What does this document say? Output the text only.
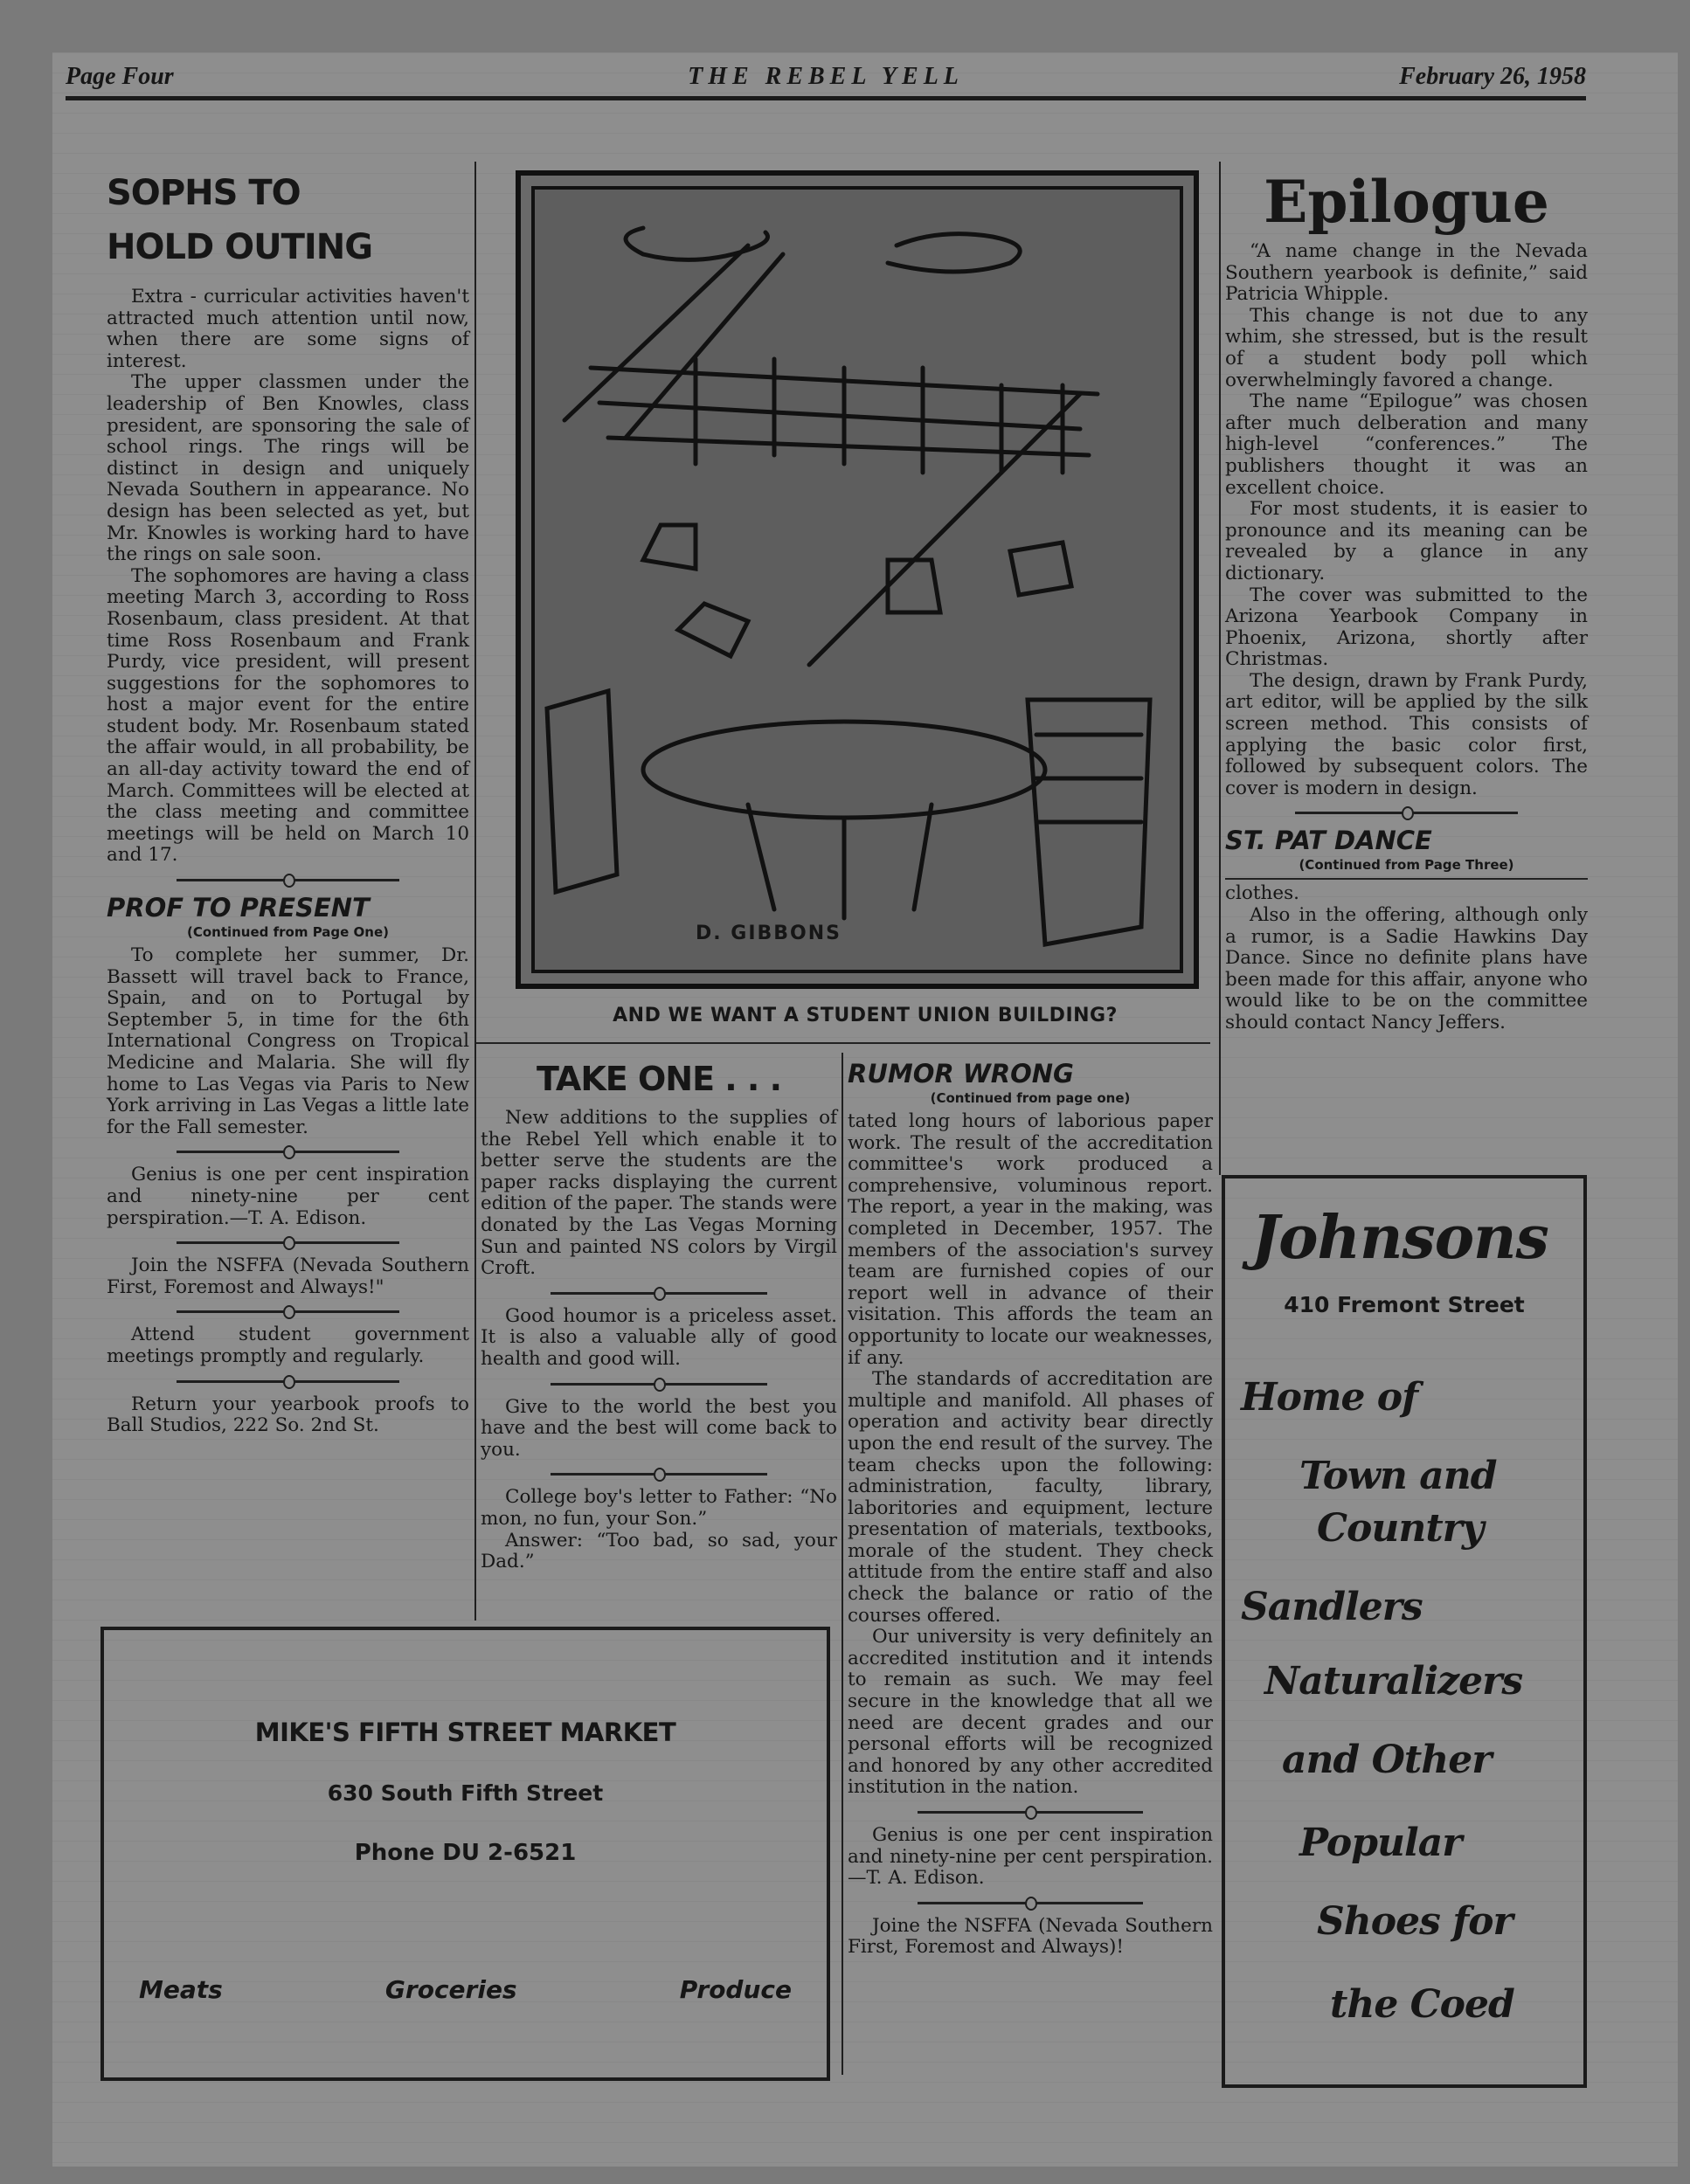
Page Four	THE REBEL YELL	February 26, 1958
SOPHS TO
HOLD OUTING

Extra - curricular activities haven't attracted much attention until now, when there are some signs of interest.

The upper classmen under the leadership of Ben Knowles, class president, are sponsoring the sale of school rings. The rings will be distinct in design and uniquely Nevada Southern in appearance. No design has been selected as yet, but Mr. Knowles is working hard to have the rings on sale soon.

The sophomores are having a class meeting March 3, according to Ross Rosenbaum, class president. At that time Ross Rosenbaum and Frank Purdy, vice president, will present suggestions for the sophomores to host a major event for the entire student body. Mr. Rosenbaum stated the affair would, in all probability, be an all-day activity toward the end of March. Committees will be elected at the class meeting and committee meetings will be held on March 10 and 17.

PROF TO PRESENT
(Continued from Page One)

To complete her summer, Dr. Bassett will travel back to France, Spain, and on to Portugal by September 5, in time for the 6th International Congress on Tropical Medicine and Malaria. She will fly home to Las Vegas via Paris to New York arriving in Las Vegas a little late for the Fall semester.

Genius is one per cent inspiration and ninety-nine per cent perspiration.—T. A. Edison.

Join the NSFFA (Nevada Southern First, Foremost and Always!"

Attend student government meetings promptly and regularly.

Return your yearbook proofs to Ball Studios, 222 So. 2nd St.

D. GIBBONS
AND WE WANT A STUDENT UNION BUILDING?
TAKE ONE . . .

New additions to the supplies of the Rebel Yell which enable it to better serve the students are the paper racks displaying the current edition of the paper. The stands were donated by the Las Vegas Morning Sun and painted NS colors by Virgil Croft.

Good houmor is a priceless asset. It is also a valuable ally of good health and good will.

Give to the world the best you have and the best will come back to you.

College boy's letter to Father: “No mon, no fun, your Son.”

Answer: “Too bad, so sad, your Dad.”

RUMOR WRONG
(Continued from page one)

tated long hours of laborious paper work. The result of the accreditation committee's work produced a comprehensive, voluminous report. The report, a year in the making, was completed in December, 1957. The members of the association's survey team are furnished copies of our report well in advance of their visitation. This affords the team an opportunity to locate our weaknesses, if any.

The standards of accreditation are multiple and manifold. All phases of operation and activity bear directly upon the end result of the survey. The team checks upon the following: administration, faculty, library, laboritories and equipment, lecture presentation of materials, textbooks, morale of the student. They check attitude from the entire staff and also check the balance or ratio of the courses offered.

Our university is very definitely an accredited institution and it intends to remain as such. We may feel secure in the knowledge that all we need are decent grades and our personal efforts will be recognized and honored by any other accredited institution in the nation.

Genius is one per cent inspiration and ninety-nine per cent perspiration.—T. A. Edison.

Joine the NSFFA (Nevada Southern First, Foremost and Always)!

Epilogue

“A name change in the Nevada Southern yearbook is definite,” said Patricia Whipple.

This change is not due to any whim, she stressed, but is the result of a student body poll which overwhelmingly favored a change.

The name “Epilogue” was chosen after much delberation and many high-level “conferences.” The publishers thought it was an excellent choice.

For most students, it is easier to pronounce and its meaning can be revealed by a glance in any dictionary.

The cover was submitted to the Arizona Yearbook Company in Phoenix, Arizona, shortly after Christmas.

The design, drawn by Frank Purdy, art editor, will be applied by the silk screen method. This consists of applying the basic color first, followed by subsequent colors. The cover is modern in design.

ST. PAT DANCE
(Continued from Page Three)

clothes.

Also in the offering, although only a rumor, is a Sadie Hawkins Day Dance. Since no definite plans have been made for this affair, anyone who would like to be on the committee should contact Nancy Jeffers.

MIKE'S FIFTH STREET MARKET
630 South Fifth Street
Phone DU 2-6521
Meats	Groceries	Produce
Johnsons
410 Fremont Street
Home of
Town and
Country
Sandlers
Naturalizers
and Other
Popular
Shoes for
the Coed
